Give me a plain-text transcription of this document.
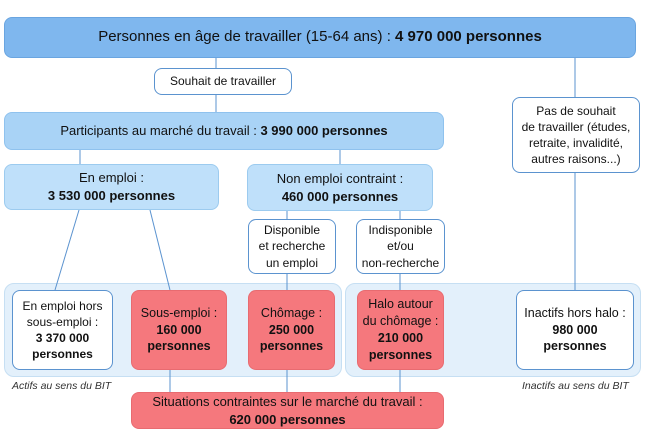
Personnes en âge de travailler (15-64 ans) : 4 970 000 personnes
Souhait de travailler
Participants au marché du travail : 3 990 000 personnes
Pas de souhait
de travailler (études,
retraite, invalidité,
autres raisons...)
En emploi :
3 530 000 personnes
Non emploi contraint :
460 000 personnes
Disponible
et recherche
un emploi
Indisponible
et/ou
non-recherche
En emploi hors
sous-emploi :
3 370 000
personnes
Sous-emploi :
160 000
personnes
Chômage :
250 000
personnes
Halo autour
du chômage :
210 000
personnes
Inactifs hors halo :
980 000
personnes
Actifs au sens du BIT	Inactifs au sens du BIT
Situations contraintes sur le marché du travail :
620 000 personnes
